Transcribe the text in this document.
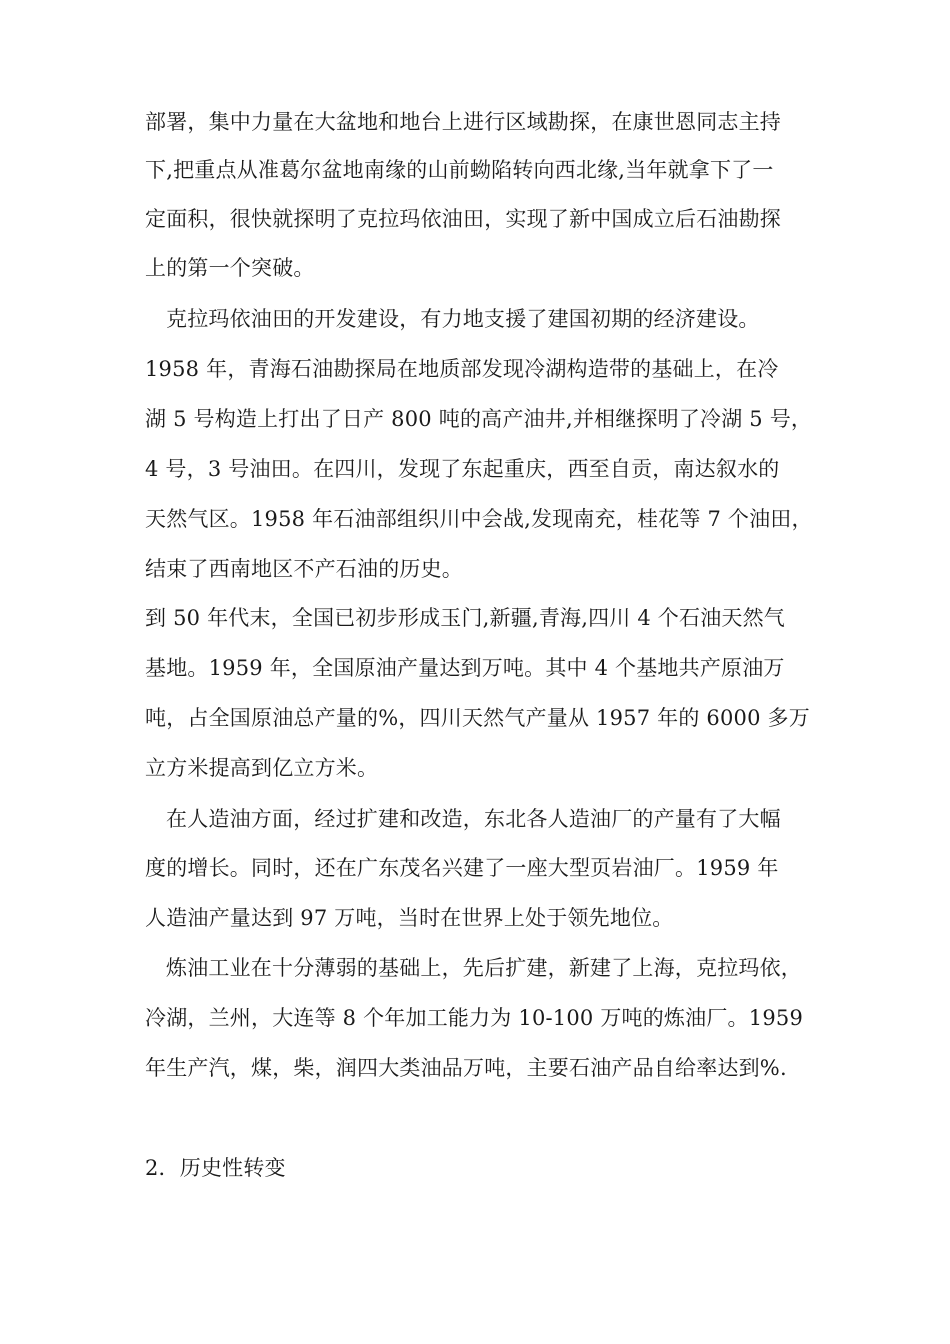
部署，集中力量在大盆地和地台上进行区域勘探，在康世恩同志主持
下,把重点从准葛尔盆地南缘的山前蚴陷转向西北缘,当年就拿下了一
定面积，很快就探明了克拉玛依油田，实现了新中国成立后石油勘探
上的第一个突破。
克拉玛依油田的开发建设，有力地支援了建国初期的经济建设。
1958 年，青海石油勘探局在地质部发现冷湖构造带的基础上，在冷
湖 5 号构造上打出了日产 800 吨的高产油井,并相继探明了冷湖 5 号，
4 号，3 号油田。在四川，发现了东起重庆，西至自贡，南达叙水的
天然气区。1958 年石油部组织川中会战,发现南充，桂花等 7 个油田，
结束了西南地区不产石油的历史。
到 50 年代末，全国已初步形成玉门,新疆,青海,四川 4 个石油天然气
基地。1959 年，全国原油产量达到万吨。其中 4 个基地共产原油万
吨，占全国原油总产量的%，四川天然气产量从 1957 年的 6000 多万
立方米提高到亿立方米。
在人造油方面，经过扩建和改造，东北各人造油厂的产量有了大幅
度的增长。同时，还在广东茂名兴建了一座大型页岩油厂。1959 年
人造油产量达到 97 万吨，当时在世界上处于领先地位。
炼油工业在十分薄弱的基础上，先后扩建，新建了上海，克拉玛依，
冷湖，兰州，大连等 8 个年加工能力为 10-100 万吨的炼油厂。1959
年生产汽，煤，柴，润四大类油品万吨，主要石油产品自给率达到%.
2．历史性转变
